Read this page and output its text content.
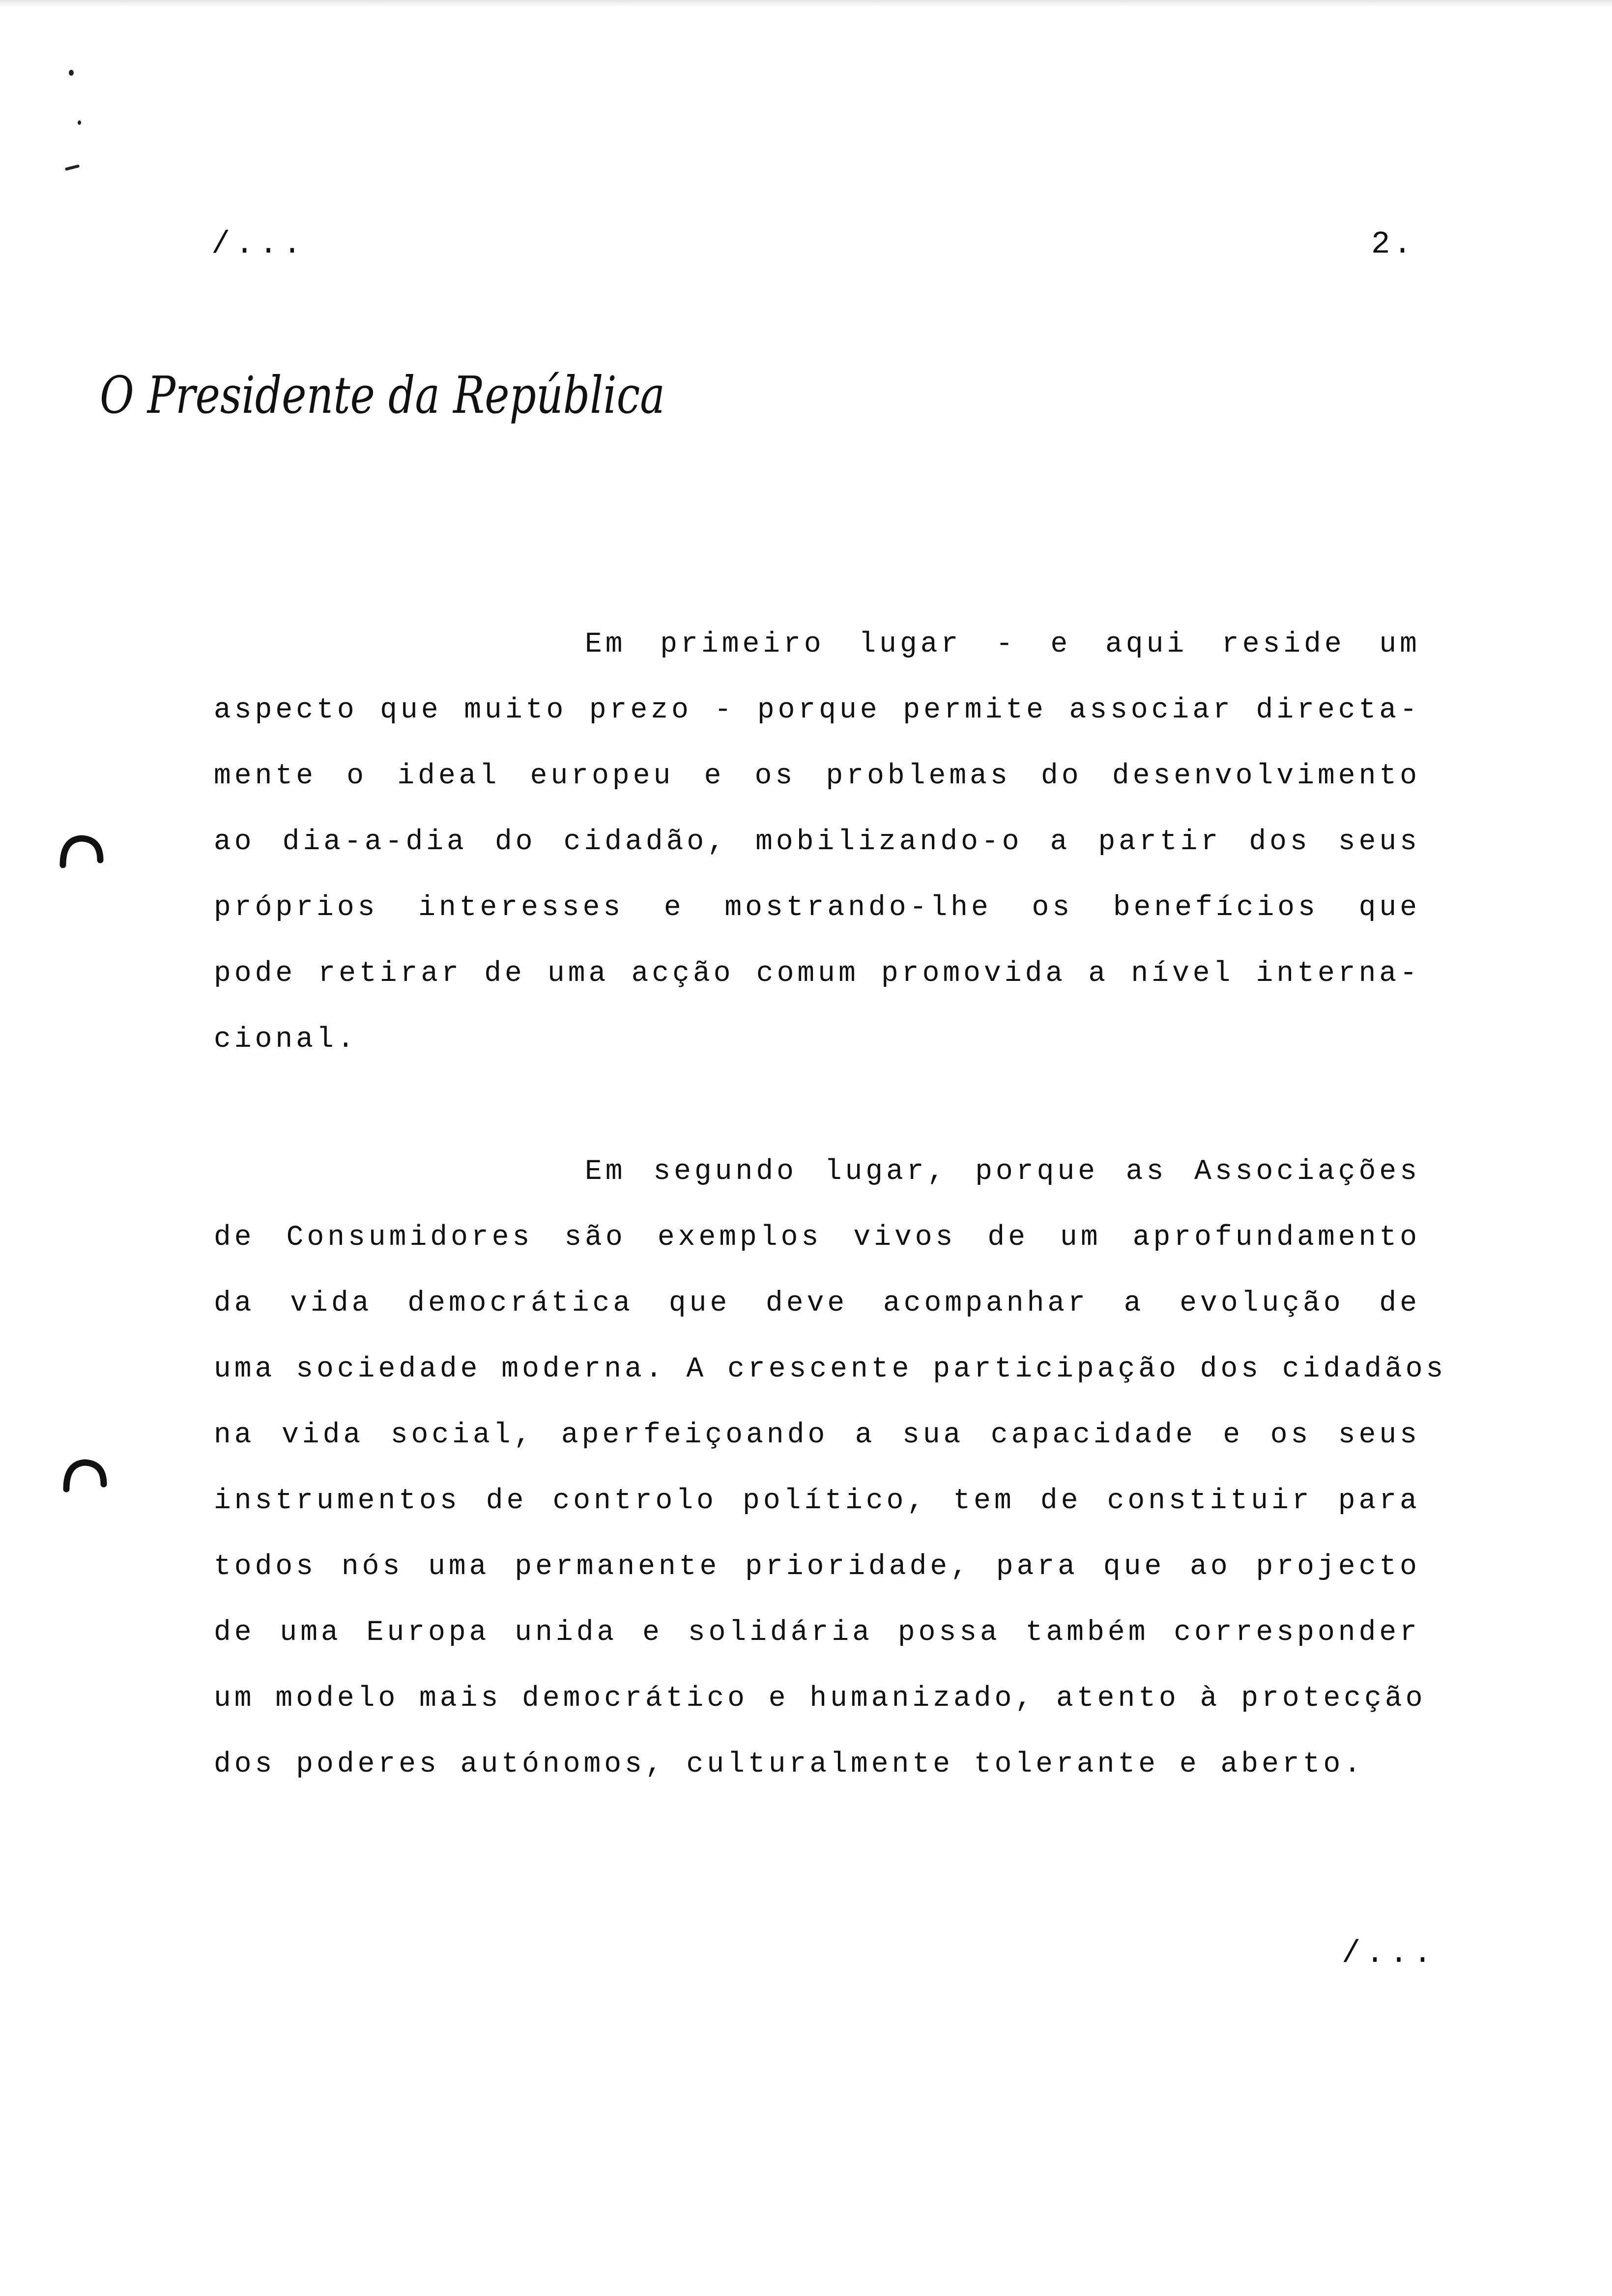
/...	2.
O Presidente da República
Em primeiro lugar - e aqui reside um
aspecto que muito prezo - porque permite associar directa-
mente o ideal europeu e os problemas do desenvolvimento
ao dia-a-dia do cidadão, mobilizando-o a partir dos seus
próprios interesses e mostrando-lhe os benefícios que
pode retirar de uma acção comum promovida a nível interna-
cional.
Em segundo lugar, porque as Associações
de Consumidores são exemplos vivos de um aprofundamento
da vida democrática que deve acompanhar a evolução de
uma sociedade moderna. A crescente participação dos cidadãos
na vida social, aperfeiçoando a sua capacidade e os seus
instrumentos de controlo político, tem de constituir para
todos nós uma permanente prioridade, para que ao projecto
de uma Europa unida e solidária possa também corresponder
um modelo mais democrático e humanizado, atento à protecção
dos poderes autónomos, culturalmente tolerante e aberto.
/...
